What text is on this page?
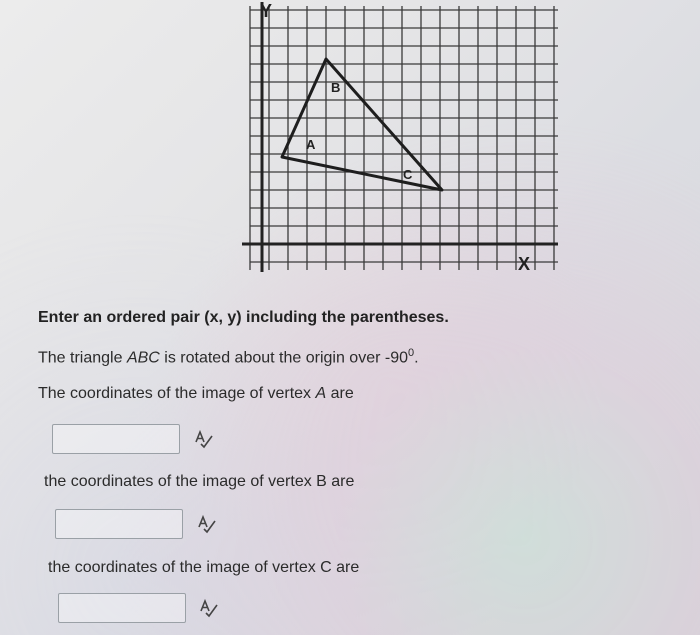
Y
X
A
B
C
Enter an ordered pair (x, y) including the parentheses.
The triangle ABC is rotated about the origin over $-90^0$.
The coordinates of the image of vertex A are
the coordinates of the image of vertex B are
the coordinates of the image of vertex C are
